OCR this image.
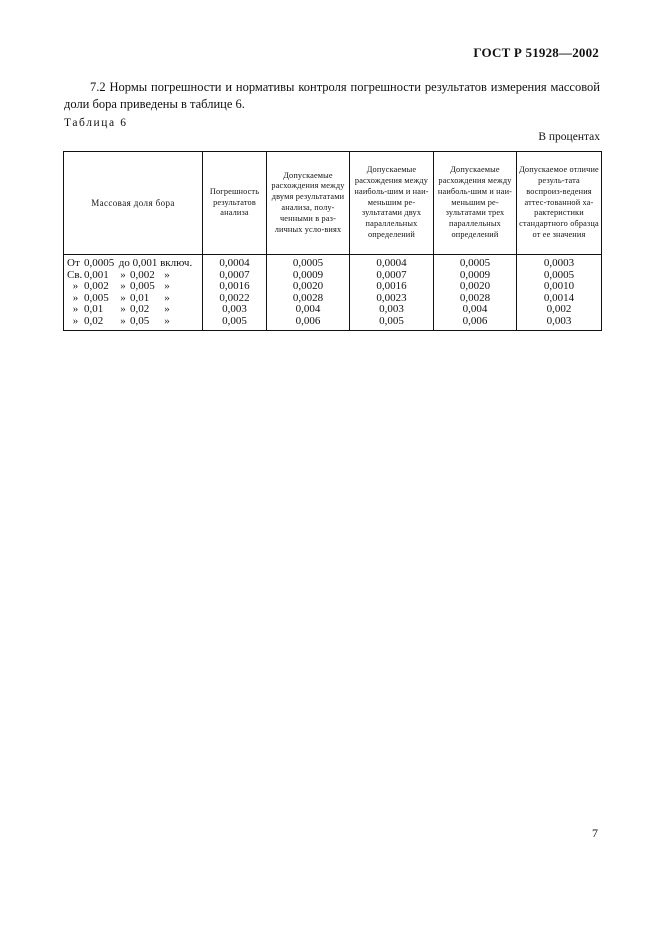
ГОСТ Р 51928—2002

7.2 Нормы погрешности и нормативы контроля погрешности результатов измерения массовой доли бора приведены в таблице 6.

Таблица 6
В процентах
Массовая доля бора	Погрешность результатов анализа	Допускаемые расхождения между двумя результатами анализа, полу-ченными в раз-личных усло-виях	Допускаемые расхождения между наиболь-шим и наи-меньшим ре-зультатами двух параллельных определений	Допускаемые расхождения между наиболь-шим и наи-меньшим ре-зультатами трех параллельных определений	Допускаемое отличие резуль-тата воспроиз-ведения аттес-тованной ха-рактеристики стандартного образца от ее значения
От 0,0005 до 0,001 включ.	0,0004	0,0005	0,0004	0,0005	0,0003
Св. 0,001 » 0,002 »	0,0007	0,0009	0,0007	0,0009	0,0005
» 0,002 » 0,005 »	0,0016	0,0020	0,0016	0,0020	0,0010
» 0,005 » 0,01 »	0,0022	0,0028	0,0023	0,0028	0,0014
» 0,01 » 0,02 »	0,003	0,004	0,003	0,004	0,002
» 0,02 » 0,05 »	0,005	0,006	0,005	0,006	0,003
7
